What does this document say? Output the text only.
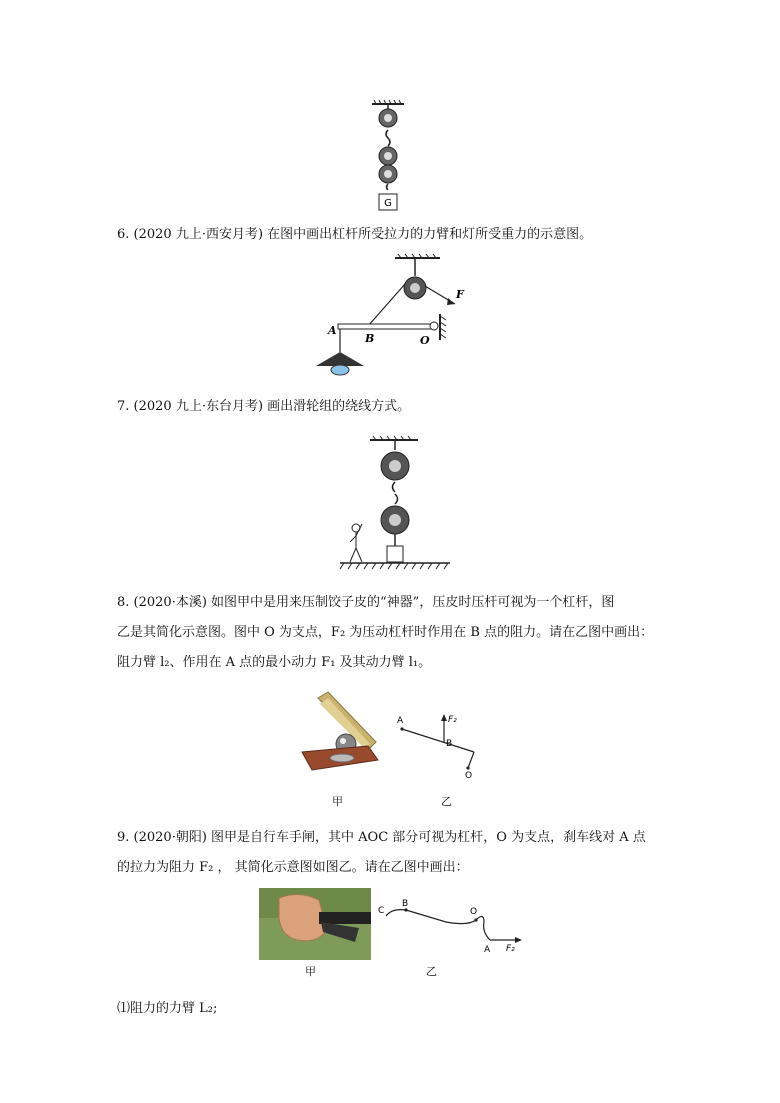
G

6. (2020 九上·西安月考) 在图中画出杠杆所受拉力的力臂和灯所受重力的示意图。

F
A
B	O

7. (2020 九上·东台月考) 画出滑轮组的绕线方式。

8. (2020·本溪) 如图甲中是用来压制饺子皮的“神器”，压皮时压杆可视为一个杠杆，图

乙是其简化示意图。图中 O 为支点，F₂ 为压动杠杆时作用在 B 点的阻力。请在乙图中画出：

阻力臂 l₂、作用在 A 点的最小动力 F₁ 及其动力臂 l₁。

甲
A
B
O
F₂
乙

9. (2020·朝阳) 图甲是自行车手闸，其中 AOC 部分可视为杠杆，O 为支点，刹车线对 A 点

的拉力为阻力 F₂ ， 其简化示意图如图乙。请在乙图中画出：

甲
C
B
O
A F₂
乙

⑴阻力的力臂 L₂;
